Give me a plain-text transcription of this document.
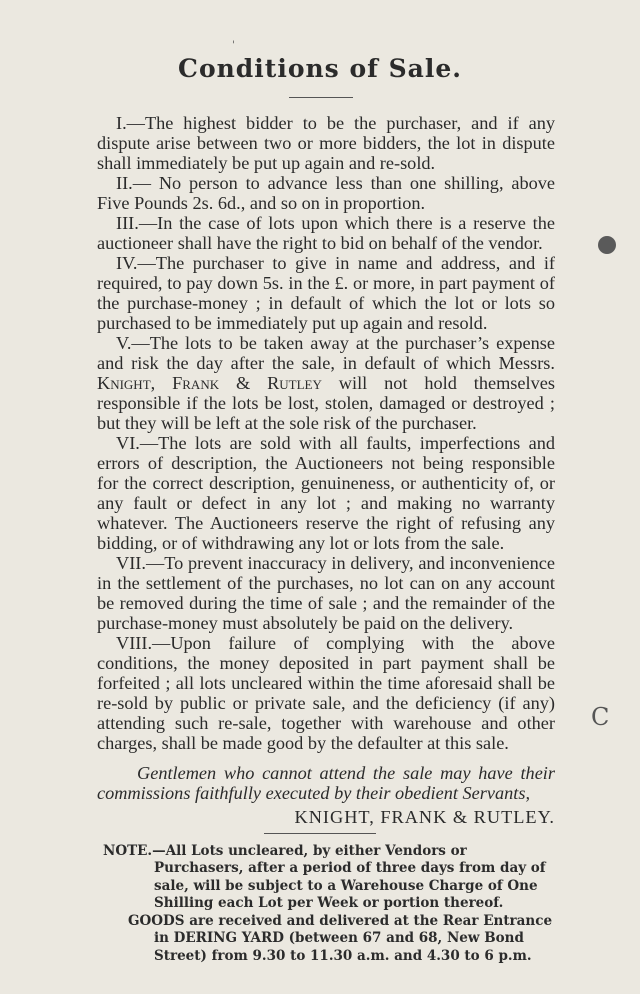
'
Conditions of Sale.

I.—The highest bidder to be the purchaser, and if any dispute arise between two or more bidders, the lot in dispute shall immediately be put up again and re-sold.

II.— No person to advance less than one shilling, above Five Pounds 2s. 6d., and so on in proportion.

III.—In the case of lots upon which there is a reserve the auctioneer shall have the right to bid on behalf of the vendor.

IV.—The purchaser to give in name and address, and if required, to pay down 5s. in the £. or more, in part payment of the purchase-money ; in default of which the lot or lots so purchased to be immediately put up again and resold.

V.—The lots to be taken away at the purchaser’s expense and risk the day after the sale, in default of which Messrs. Knight, Frank & Rutley will not hold themselves responsible if the lots be lost, stolen, damaged or destroyed ; but they will be left at the sole risk of the purchaser.

VI.—The lots are sold with all faults, imperfections and errors of description, the Auctioneers not being responsible for the correct description, genuineness, or authenticity of, or any fault or defect in any lot ; and making no warranty whatever. The Auctioneers reserve the right of refusing any bidding, or of withdrawing any lot or lots from the sale.

VII.—To prevent inaccuracy in delivery, and inconvenience in the settlement of the purchases, no lot can on any account be removed during the time of sale ; and the remainder of the purchase-money must absolutely be paid on the delivery.

VIII.—Upon failure of complying with the above conditions, the money deposited in part payment shall be forfeited ; all lots uncleared within the time aforesaid shall be re-sold by public or private sale, and the deficiency (if any) attending such re-sale, together with warehouse and other charges, shall be made good by the defaulter at this sale.

Gentlemen who cannot attend the sale may have their commissions faithfully executed by their obedient Servants,

KNIGHT, FRANK & RUTLEY.

NOTE.—All Lots uncleared, by either Vendors or Purchasers, after a period of three days from day of sale, will be subject to a Warehouse Charge of One Shilling each Lot per Week or portion thereof.

GOODS are received and delivered at the Rear Entrance in DERING YARD (between 67 and 68, New Bond Street) from 9.30 to 11.30 a.m. and 4.30 to 6 p.m.

C
